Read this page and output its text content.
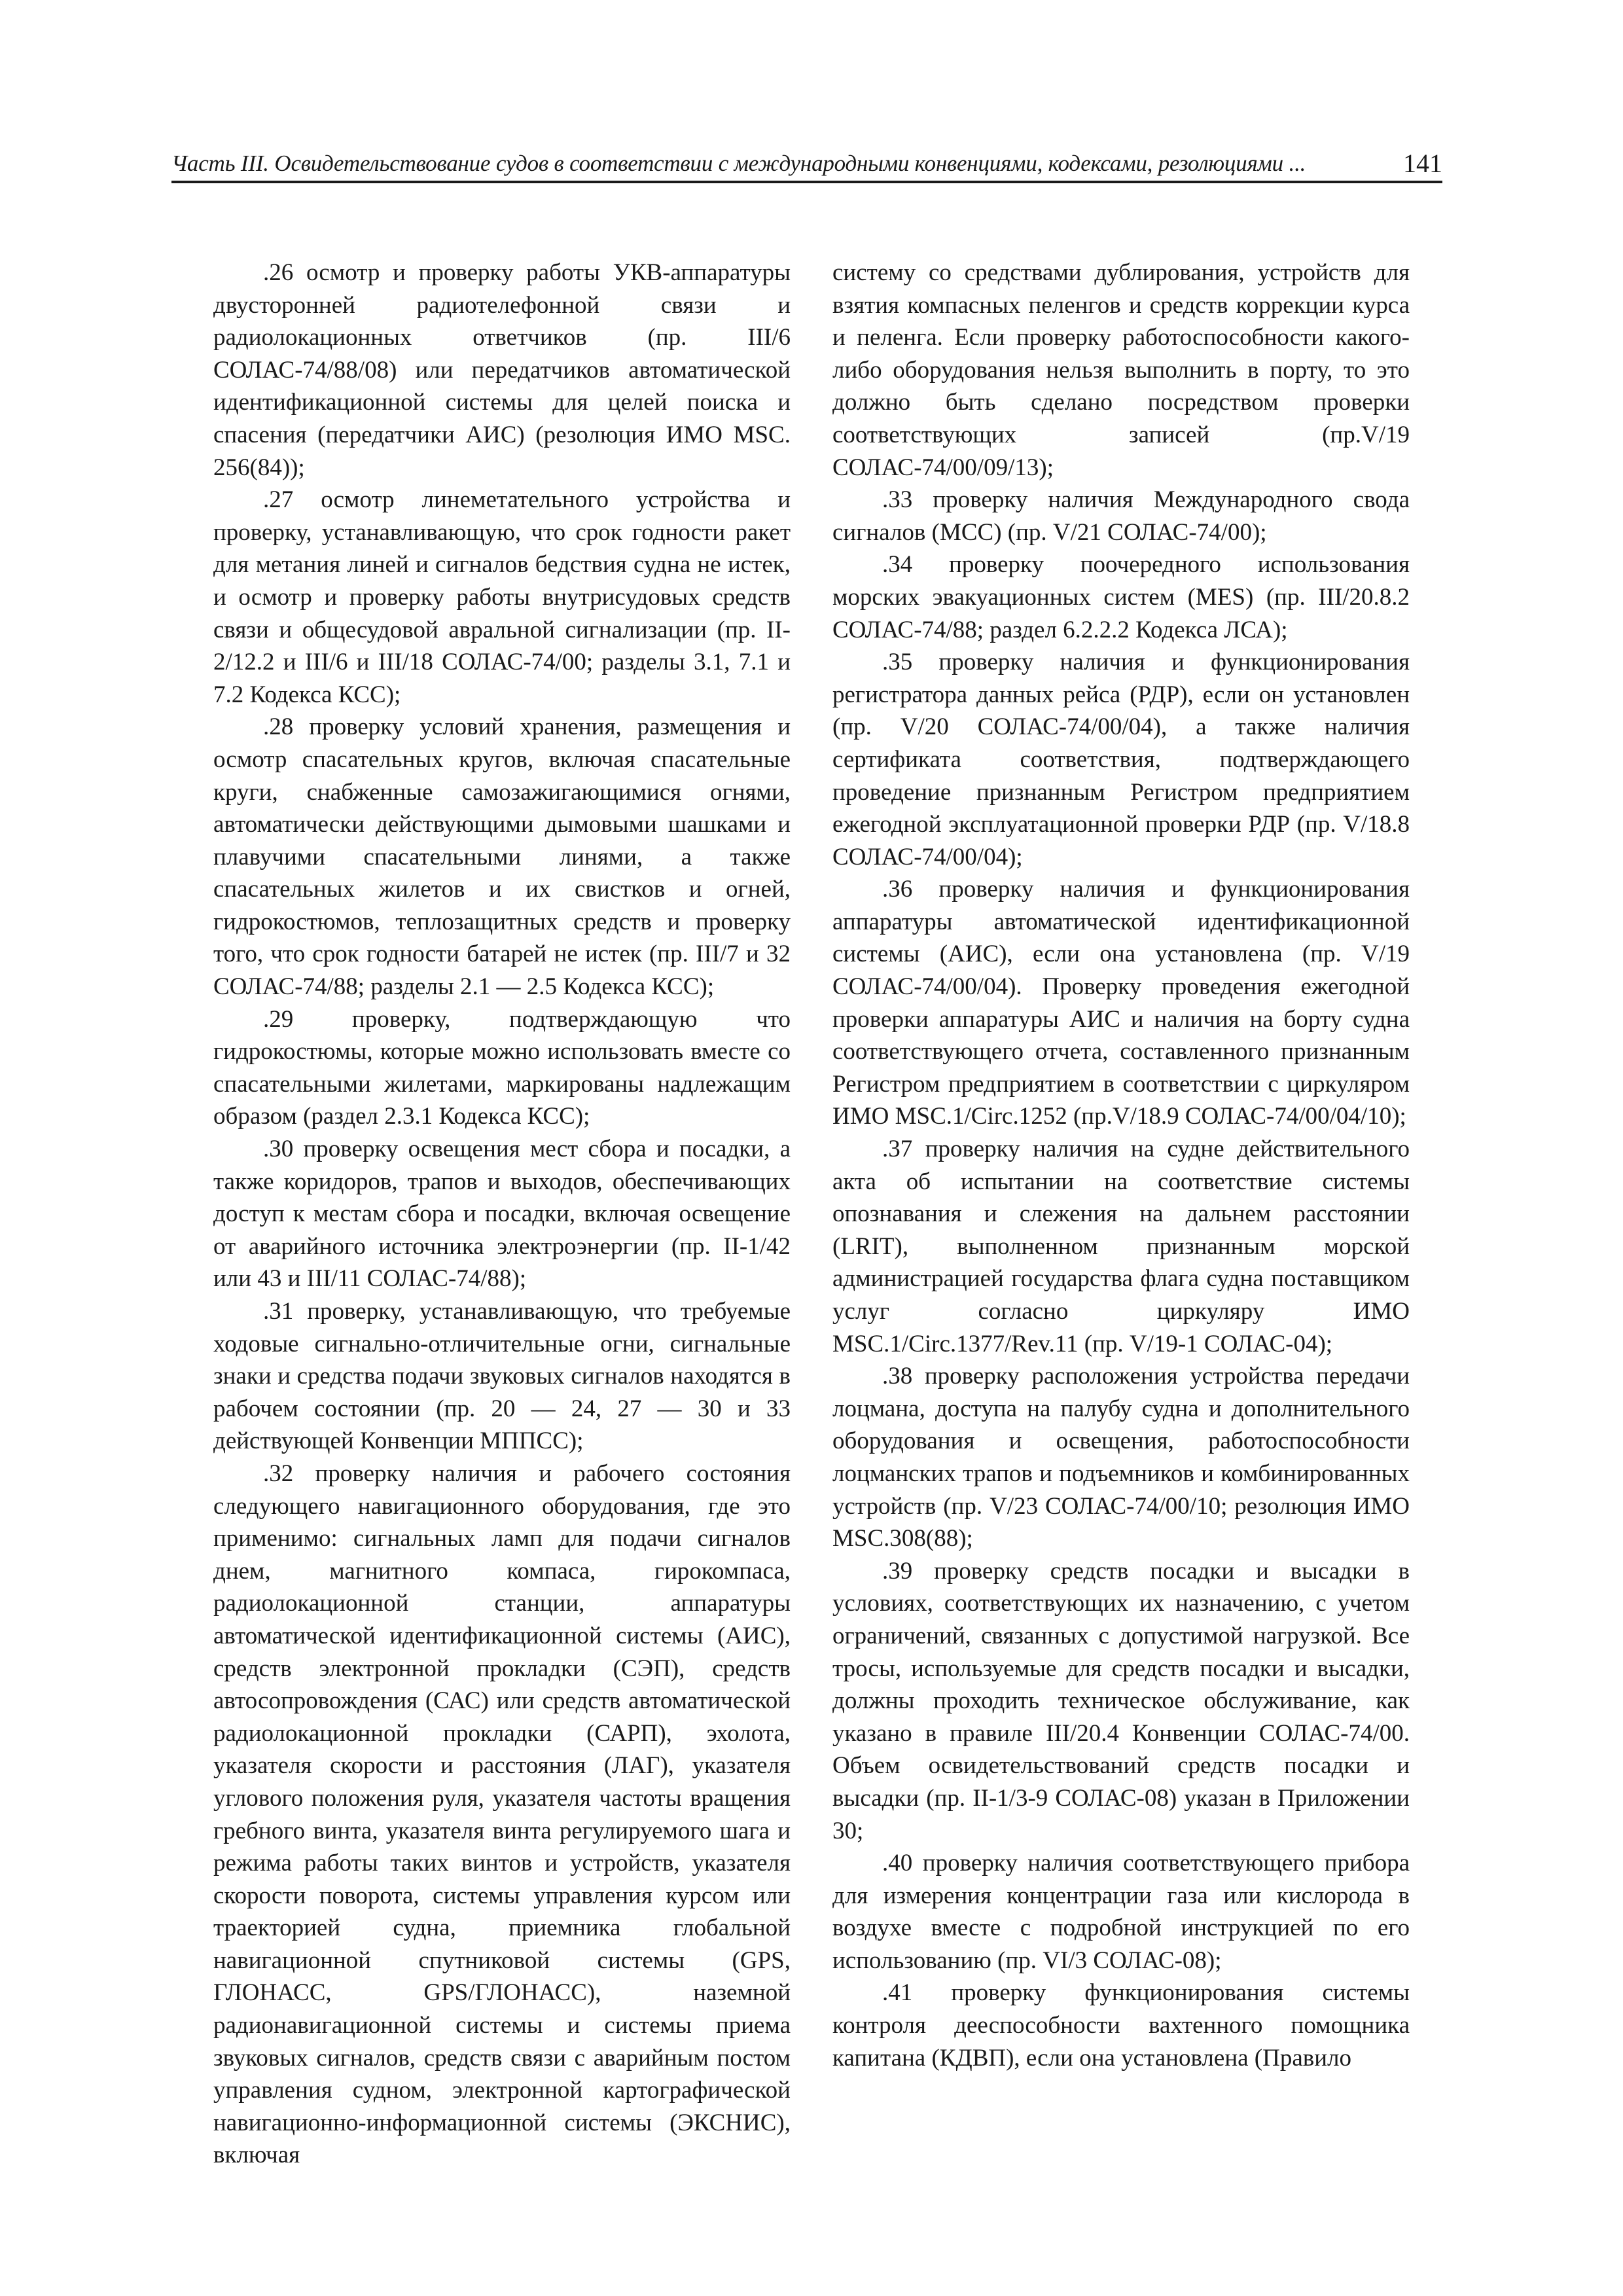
Часть III. Освидетельствование судов в соответствии с международными конвенциями, кодексами, резолюциями ...	141

.26 осмотр и проверку работы УКВ-аппаратуры двусторонней радиотелефонной связи и радиолокационных ответчиков (пр. III/6 СОЛАС-74/88/08) или передатчиков автоматической идентификационной системы для целей поиска и спасения (передатчики АИС) (резолюция ИМО MSC. 256(84));

.27 осмотр линеметательного устройства и проверку, устанавливающую, что срок годности ракет для метания линей и сигналов бедствия судна не истек, и осмотр и проверку работы внутрисудовых средств связи и общесудовой авральной сигнализации (пр. II-2/12.2 и III/6 и III/18 СОЛАС-74/00; разделы 3.1, 7.1 и 7.2 Кодекса КСС);

.28 проверку условий хранения, размещения и осмотр спасательных кругов, включая спасательные круги, снабженные самозажигающимися огнями, автоматически действующими дымовыми шашками и плавучими спасательными линями, а также спасательных жилетов и их свистков и огней, гидрокостюмов, теплозащитных средств и проверку того, что срок годности батарей не истек (пр. III/7 и 32 СОЛАС-74/88; разделы 2.1 — 2.5 Кодекса КСС);

.29 проверку, подтверждающую что гидрокостюмы, которые можно использовать вместе со спасательными жилетами, маркированы надлежащим образом (раздел 2.3.1 Кодекса КСС);

.30 проверку освещения мест сбора и посадки, а также коридоров, трапов и выходов, обеспечивающих доступ к местам сбора и посадки, включая освещение от аварийного источника электроэнергии (пр. II-1/42 или 43 и III/11 СОЛАС-74/88);

.31 проверку, устанавливающую, что требуемые ходовые сигнально-отличительные огни, сигнальные знаки и средства подачи звуковых сигналов находятся в рабочем состоянии (пр. 20 — 24, 27 — 30 и 33 действующей Конвенции МППСС);

.32 проверку наличия и рабочего состояния следующего навигационного оборудования, где это применимо: сигнальных ламп для подачи сигналов днем, магнитного компаса, гирокомпаса, радиолокационной станции, аппаратуры автоматической идентификационной системы (АИС), средств электронной прокладки (СЭП), средств автосопровождения (САС) или средств автоматической радиолокационной прокладки (САРП), эхолота, указателя скорости и расстояния (ЛАГ), указателя углового положения руля, указателя частоты вращения гребного винта, указателя винта регулируемого шага и режима работы таких винтов и устройств, указателя скорости поворота, системы управления курсом или траекторией судна, приемника глобальной навигационной спутниковой системы (GPS, ГЛОНАСС, GPS/ГЛОНАСС), наземной радионавигационной системы и системы приема звуковых сигналов, средств связи с аварийным постом управления судном, электронной картографической навигационно-информационной системы (ЭКСНИС), включая

систему со средствами дублирования, устройств для взятия компасных пеленгов и средств коррекции курса и пеленга. Если проверку работоспособности какого-либо оборудования нельзя выполнить в порту, то это должно быть сделано посредством проверки соответствующих записей (пр.V/19 СОЛАС-74/00/09/13);

.33 проверку наличия Международного свода сигналов (МСС) (пр. V/21 СОЛАС-74/00);

.34 проверку поочередного использования морских эвакуационных систем (MES) (пр. III/20.8.2 СОЛАС-74/88; раздел 6.2.2.2 Кодекса ЛСА);

.35 проверку наличия и функционирования регистратора данных рейса (РДР), если он установлен (пр. V/20 СОЛАС-74/00/04), а также наличия сертификата соответствия, подтверждающего проведение признанным Регистром предприятием ежегодной эксплуатационной проверки РДР (пр. V/18.8 СОЛАС-74/00/04);

.36 проверку наличия и функционирования аппаратуры автоматической идентификационной системы (АИС), если она установлена (пр. V/19 СОЛАС-74/00/04). Проверку проведения ежегодной проверки аппаратуры АИС и наличия на борту судна соответствующего отчета, составленного признанным Регистром предприятием в соответствии с циркуляром ИМО MSC.1/Circ.1252 (пр.V/18.9 СОЛАС-74/00/04/10);

.37 проверку наличия на судне действительного акта об испытании на соответствие системы опознавания и слежения на дальнем расстоянии (LRIT), выполненном признанным морской администрацией государства флага судна поставщиком услуг согласно циркуляру ИМО MSC.1/Circ.1377/Rev.11 (пр. V/19-1 СОЛАС-04);

.38 проверку расположения устройства передачи лоцмана, доступа на палубу судна и дополнительного оборудования и освещения, работоспособности лоцманских трапов и подъемников и комбинированных устройств (пр. V/23 СОЛАС-74/00/10; резолюция ИМО MSC.308(88);

.39 проверку средств посадки и высадки в условиях, соответствующих их назначению, с учетом ограничений, связанных с допустимой нагрузкой. Все тросы, используемые для средств посадки и высадки, должны проходить техническое обслуживание, как указано в правиле III/20.4 Конвенции СОЛАС-74/00. Объем освидетельствований средств посадки и высадки (пр. II-1/3-9 СОЛАС-08) указан в Приложении 30;

.40 проверку наличия соответствующего прибора для измерения концентрации газа или кислорода в воздухе вместе с подробной инструкцией по его использованию (пр. VI/3 СОЛАС-08);

.41 проверку функционирования системы контроля дееспособности вахтенного помощника капитана (КДВП), если она установлена (Правило
